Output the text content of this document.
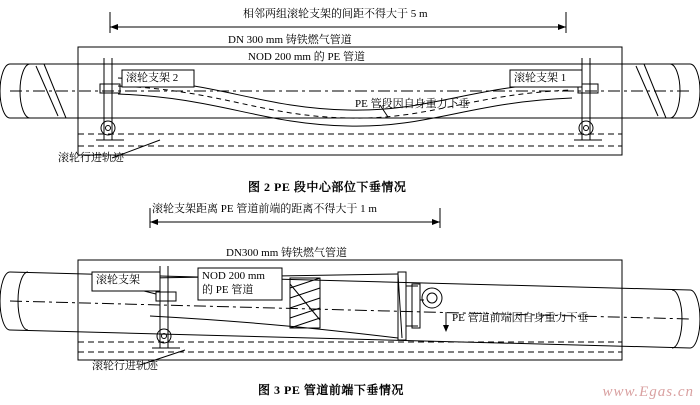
相邻两组滚轮支架的间距不得大于 5 m
DN 300 mm 铸铁燃气管道
NOD 200 mm 的 PE 管道
滚轮支架 2	滚轮支架 1
PE 管段因自身重力下垂
滚轮行进轨迹
图 2 PE 段中心部位下垂情况
滚轮支架距离 PE 管道前端的距离不得大于 1 m
DN300 mm 铸铁燃气管道
滚轮支架	NOD 200 mm
的 PE 管道
PE 管道前端因自身重力下垂
滚轮行进轨迹
图 3 PE 管道前端下垂情况	www.Egas.cn
